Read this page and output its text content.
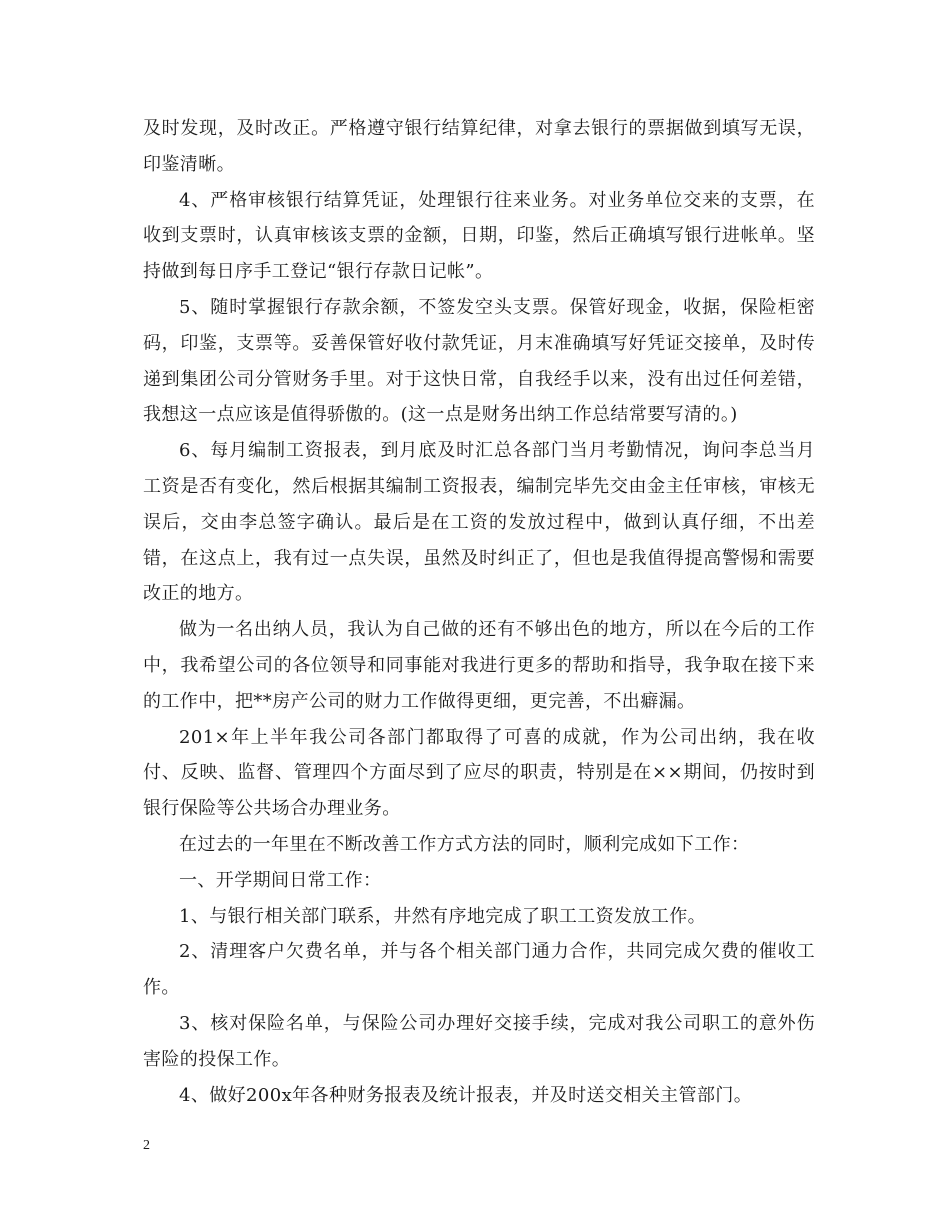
及时发现，及时改正。严格遵守银行结算纪律，对拿去银行的票据做到填写无误，印鉴清晰。

4、严格审核银行结算凭证，处理银行往来业务。对业务单位交来的支票，在收到支票时，认真审核该支票的金额，日期，印鉴，然后正确填写银行进帐单。坚持做到每日序手工登记“银行存款日记帐”。

5、随时掌握银行存款余额，不签发空头支票。保管好现金，收据，保险柜密码，印鉴，支票等。妥善保管好收付款凭证，月末准确填写好凭证交接单，及时传递到集团公司分管财务手里。对于这快日常，自我经手以来，没有出过任何差错，我想这一点应该是值得骄傲的。(这一点是财务出纳工作总结常要写清的。)

6、每月编制工资报表，到月底及时汇总各部门当月考勤情况，询问李总当月工资是否有变化，然后根据其编制工资报表，编制完毕先交由金主任审核，审核无误后，交由李总签字确认。最后是在工资的发放过程中，做到认真仔细，不出差错，在这点上，我有过一点失误，虽然及时纠正了，但也是我值得提高警惕和需要改正的地方。

做为一名出纳人员，我认为自己做的还有不够出色的地方，所以在今后的工作中，我希望公司的各位领导和同事能对我进行更多的帮助和指导，我争取在接下来的工作中，把**房产公司的财力工作做得更细，更完善，不出癖漏。

201×年上半年我公司各部门都取得了可喜的成就，作为公司出纳，我在收付、反映、监督、管理四个方面尽到了应尽的职责，特别是在××期间，仍按时到银行保险等公共场合办理业务。

在过去的一年里在不断改善工作方式方法的同时，顺利完成如下工作：

一、开学期间日常工作：

1、与银行相关部门联系，井然有序地完成了职工工资发放工作。

2、清理客户欠费名单，并与各个相关部门通力合作，共同完成欠费的催收工作。

3、核对保险名单，与保险公司办理好交接手续，完成对我公司职工的意外伤害险的投保工作。

4、做好200x年各种财务报表及统计报表，并及时送交相关主管部门。

2
